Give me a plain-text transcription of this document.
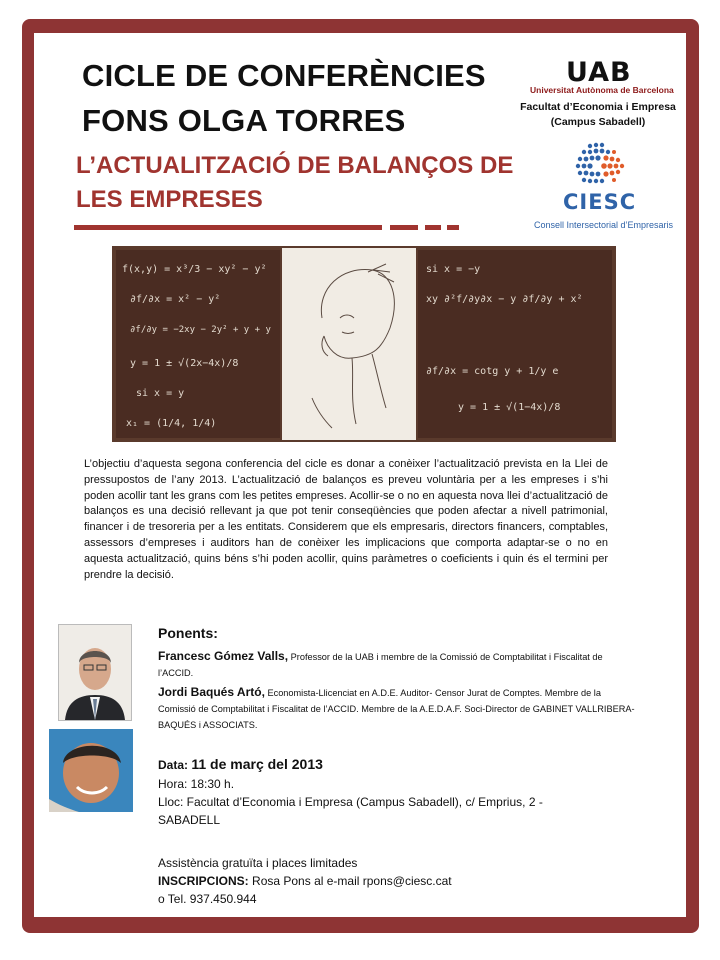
CICLE DE CONFERÈNCIES
FONS OLGA TORRES
L’ACTUALITZACIÓ DE BALANÇOS DE
LES EMPRESES
UAB
Universitat Autònoma de Barcelona
Facultat d’Economia i Empresa
(Campus Sabadell)
CIESC
Consell Intersectorial d’Empresaris
f(x,y) = x³/3 − xy² − y²
∂f/∂x = x² − y²
∂f/∂y = −2xy − 2y² + y + y
y = 1 ± √(2x−4x)/8
si x = y
x₁ = (1/4, 1/4)
si x = −y
xy ∂²f/∂y∂x − y ∂f/∂y + x²
∂f/∂x = cotg y + 1/y e
y = 1 ± √(1−4x)/8
L’objectiu d’aquesta segona conferencia del cicle es donar a conèixer l’actualització prevista en la Llei de pressupostos de l’any 2013. L’actualització de balanços es preveu voluntària per a les empreses i s’hi poden acollir tant les grans com les petites empreses. Acollir-se o no en aquesta nova llei d’actualització de balanços es una decisió rellevant ja que pot tenir conseqüències que poden afectar a nivell patrimonial, financer i de tresoreria per a les entitats. Considerem que els empresaris, directors financers, comptables, assessors d’empreses i auditors han de conèixer les implicacions que comporta adaptar-se o no en aquesta actualització, quins béns s’hi poden acollir, quins paràmetres o coeficients i quin és el termini per prendre la decisió.
Ponents:
Francesc Gómez Valls, Professor de la UAB i membre de la Comissió de Comptabilitat i Fiscalitat de l’ACCID.
Jordi Baqués Artó, Economista-Llicenciat en A.D.E. Auditor- Censor Jurat de Comptes. Membre de la Comissió de Comptabilitat i Fiscalitat de l’ACCID. Membre de la A.E.D.A.F. Soci-Director de GABINET VALLRIBERA-BAQUÉS i ASSOCIATS.
Data: 11 de març del 2013
Hora: 18:30 h.
Lloc: Facultat d’Economia i Empresa (Campus Sabadell), c/ Emprius, 2 -
SABADELL
Assistència gratuïta i places limitades
INSCRIPCIONS: Rosa Pons al e-mail rpons@ciesc.cat
o Tel. 937.450.944
